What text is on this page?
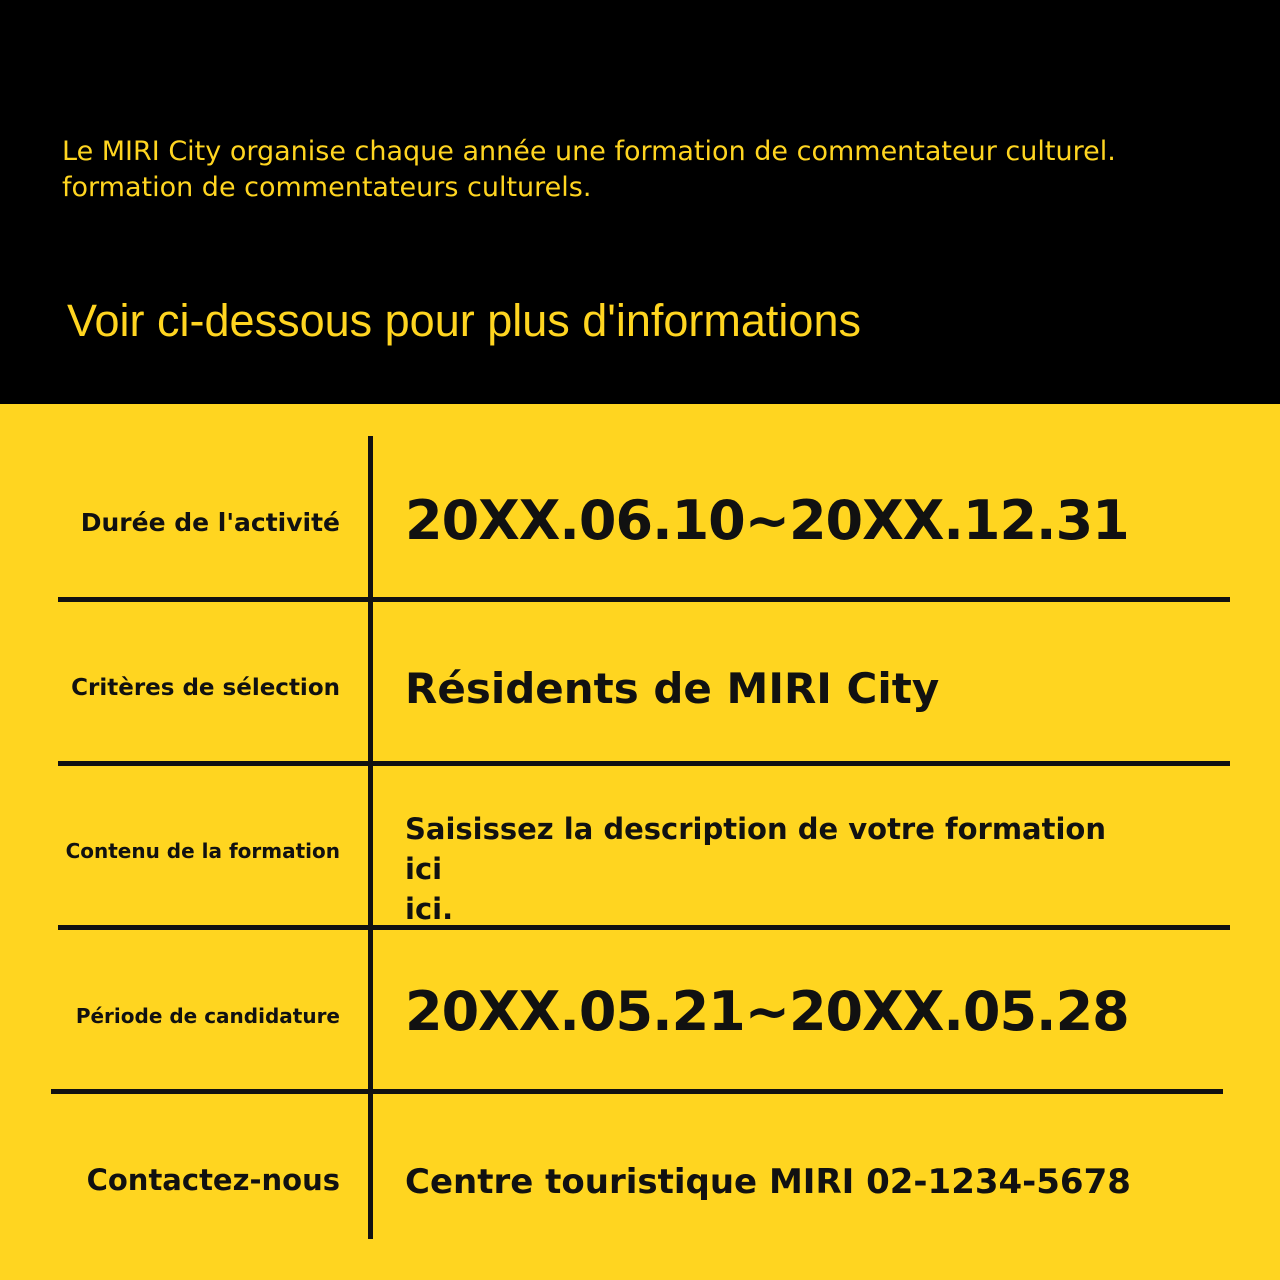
Le MIRI City organise chaque année une formation de commentateur culturel.
formation de commentateurs culturels.

Voir ci-dessous pour plus d'informations

Durée de l'activité 20XX.06.10~20XX.12.31

Critères de sélection Résidents de MIRI City

Contenu de la formation

Saisissez la description de votre formation ici
ici.

Période de candidature 20XX.05.21~20XX.05.28

Contactez-nous Centre touristique MIRI 02-1234-5678
